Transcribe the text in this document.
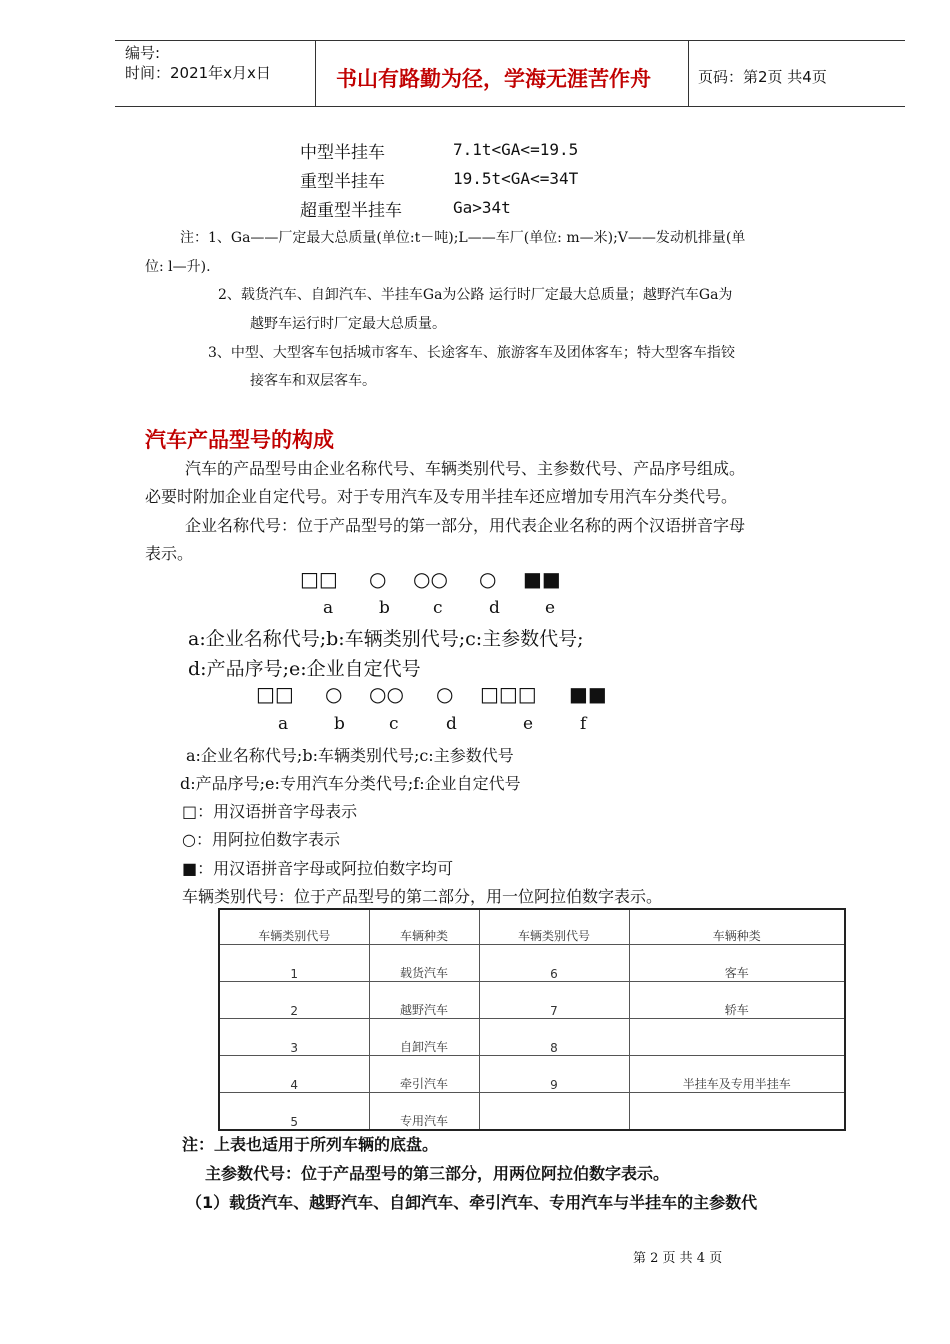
编号:
时间：2021年x月x日	书山有路勤为径，学海无涯苦作舟	页码：第2页 共4页
中型半挂车	7.1t<GA<=19.5
重型半挂车	19.5t<GA<=34T
超重型半挂车	Ga>34t
注：1、Ga——厂定最大总质量(单位:t－吨);L——车厂(单位: m—米);V——发动机排量(单
位: l—升).
2、载货汽车、自卸汽车、半挂车Ga为公路 运行时厂定最大总质量；越野汽车Ga为
越野车运行时厂定最大总质量。
3、中型、大型客车包括城市客车、长途客车、旅游客车及团体客车；特大型客车指铰
接客车和双层客车。
汽车产品型号的构成
汽车的产品型号由企业名称代号、车辆类别代号、主参数代号、产品序号组成。
必要时附加企业自定代号。对于专用汽车及专用半挂车还应增加专用汽车分类代号。
企业名称代号：位于产品型号的第一部分，用代表企业名称的两个汉语拼音字母
表示。
□□ ○ ○○ ○ ■■
a	b	c	d	e
a:企业名称代号;b:车辆类别代号;c:主参数代号;
d:产品序号;e:企业自定代号
□□ ○ ○○ ○ □□□ ■■
a	b	c	d	e	f
a:企业名称代号;b:车辆类别代号;c:主参数代号
d:产品序号;e:专用汽车分类代号;f:企业自定代号
□：用汉语拼音字母表示
○：用阿拉伯数字表示
■：用汉语拼音字母或阿拉伯数字均可
车辆类别代号：位于产品型号的第二部分，用一位阿拉伯数字表示。
车辆类别代号	车辆种类	车辆类别代号	车辆种类
1	载货汽车	6	客车
2	越野汽车	7	轿车
3	自卸汽车	8	
4	牵引汽车	9	半挂车及专用半挂车
5	专用汽车		
注：上表也适用于所列车辆的底盘。
主参数代号：位于产品型号的第三部分，用两位阿拉伯数字表示。
（1）载货汽车、越野汽车、自卸汽车、牵引汽车、专用汽车与半挂车的主参数代
第 2 页 共 4 页
